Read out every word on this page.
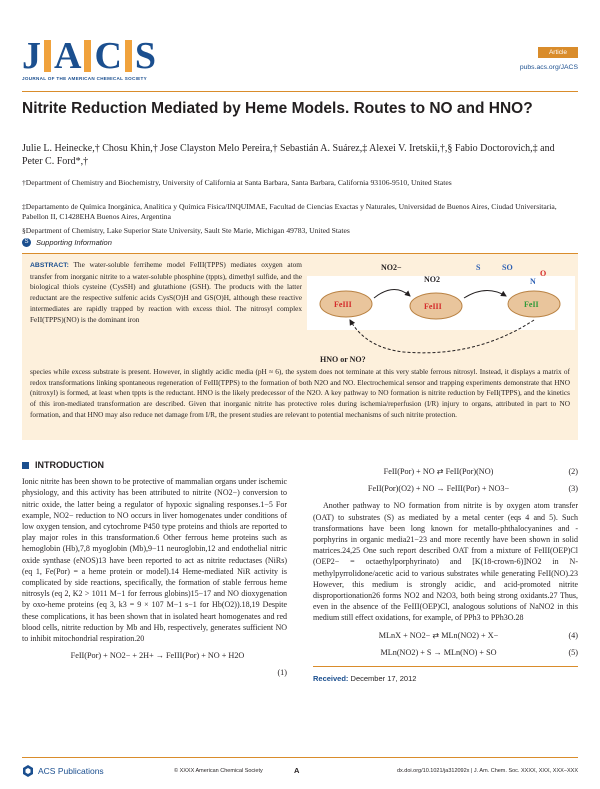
J A C S
JOURNAL OF THE AMERICAN CHEMICAL SOCIETY
Article
pubs.acs.org/JACS
Nitrite Reduction Mediated by Heme Models. Routes to NO and HNO?
Julie L. Heinecke,† Chosu Khin,† Jose Clayston Melo Pereira,† Sebastián A. Suárez,‡ Alexei V. Iretskii,†,§ Fabio Doctorovich,‡ and Peter C. Ford*,†
†Department of Chemistry and Biochemistry, University of California at Santa Barbara, Santa Barbara, California 93106-9510, United States
‡Departamento de Química Inorgánica, Analítica y Química Física/INQUIMAE, Facultad de Ciencias Exactas y Naturales, Universidad de Buenos Aires, Ciudad Universitaria, Pabellon II, C1428EHA Buenos Aires, Argentina
§Department of Chemistry, Lake Superior State University, Sault Ste Marie, Michigan 49783, United States
S	Supporting Information
ABSTRACT: The water-soluble ferriheme model FeIII(TPPS) mediates oxygen atom transfer from inorganic nitrite to a water-soluble phosphine (tppts), dimethyl sulfide, and the biological thiols cysteine (CysSH) and glutathione (GSH). The products with the latter reductant are the respective sulfenic acids CysS(O)H and GS(O)H, although these reactive intermediates are rapidly trapped by reaction with excess thiol. The nitrosyl complex FeII(TPPS)(NO) is the dominant iron
NO2−	S	SO
FeIII	FeIII	FeII
NO2	N
O
HNO or NO?
species while excess substrate is present. However, in slightly acidic media (pH ≈ 6), the system does not terminate at this very stable ferrous nitrosyl. Instead, it displays a matrix of redox transformations linking spontaneous regeneration of FeIII(TPPS) to the formation of both N2O and NO. Electrochemical sensor and trapping experiments demonstrate that HNO (nitroxyl) is formed, at least when tppts is the reductant. HNO is the likely predecessor of the N2O. A key pathway to NO formation is nitrite reduction by FeII(TPPS), and the kinetics of this iron-mediated transformation are described. Given that inorganic nitrite has protective roles during ischemia/reperfusion (I/R) injury to organs, attributed in part to NO formation, and that HNO may also reduce net damage from I/R, the present studies are relevant to potential mechanisms of such nitrite protection.
INTRODUCTION

Ionic nitrite has been shown to be protective of mammalian organs under ischemic physiology, and this activity has been attributed to nitrite (NO2−) conversion to nitric oxide, the latter being a regulator of hypoxic signaling responses.1−5 For example, NO2− reduction to NO occurs in liver homogenates under conditions of low oxygen tension, and cytochrome P450 type proteins and thiols are reported to play major roles in this transformation.6 Other ferrous heme proteins such as hemoglobin (Hb),7,8 myoglobin (Mb),9−11 neuroglobin,12 and endothelial nitric oxide synthase (eNOS)13 have been reported to act as nitrite reductases (NiRs) (eq 1, Fe(Por) = a heme protein or model).14 Heme-mediated NiR activity is complicated by side reactions, specifically, the formation of stable ferrous heme nitrosyls (eq 2, K2 > 1011 M−1 for ferrous globins)15−17 and NO dioxygenation by oxo-heme proteins (eq 3, k3 = 9 × 107 M−1 s−1 for Hb(O2)).18,19 Despite these complications, it has been shown that in isolated heart homogenates and red blood cells, nitrite reduction by Mb and Hb, respectively, generates sufficient NO to inhibit mitochondrial respiration.20

FeII(Por) + NO2− + 2H+ → FeIII(Por) + NO + H2O
(1)
FeII(Por) + NO ⇄ FeII(Por)(NO)	(2)
FeII(Por)(O2) + NO → FeIII(Por) + NO3−	(3)

Another pathway to NO formation from nitrite is by oxygen atom transfer (OAT) to substrates (S) as mediated by a metal center (eqs 4 and 5). Such transformations have been long known for metallo-phthalocyanines and -porphyrins in organic media21−23 and more recently have been shown in solid matrices.24,25 One such report described OAT from a mixture of FeIII(OEP)Cl (OEP2− = octaethylporphyrinato) and [K(18-crown-6)]NO2 in N-methylpyrrolidone/acetic acid to various substrates while generating FeII(NO).23 However, this medium is strongly acidic, and acid-promoted nitrite disproportionation26 forms NO2 and N2O3, both being strong oxidants.27 Thus, even in the absence of the FeIII(OEP)Cl, analogous solutions of NaNO2 in this medium still effect oxidations, for example, of PPh3 to PPh3O.28

MLnX + NO2− ⇄ MLn(NO2) + X−	(4)
MLn(NO2) + S → MLn(NO) + SO	(5)
Received: December 17, 2012
ACS Publications	© XXXX American Chemical Society	A	dx.doi.org/10.1021/ja312092x | J. Am. Chem. Soc. XXXX, XXX, XXX−XXX
